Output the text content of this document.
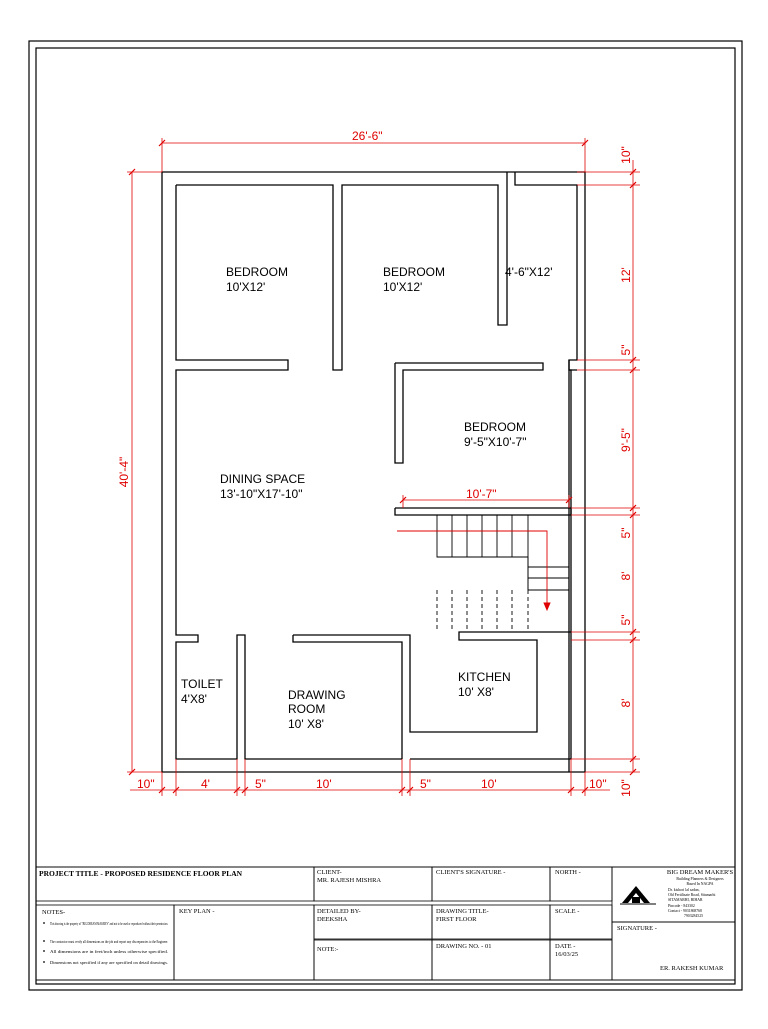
BEDROOM
10'X12'
BEDROOM
10'X12'
4'-6"X12'
BEDROOM
9'-5"X10'-7"
DINING SPACE
13'-10"X17'-10"
TOILET
4'X8'	DRAWING
ROOM
10' X8'
KITCHEN
10' X8'
26'-6"
40'-4"
10'-7"
10"	4'	5"	10'	5"	10'	10"
10"
12'
5"
9'-5"
5"
8'
5"
8'
10"
PROJECT TITLE - PROPOSED RESIDENCE FLOOR PLAN	CLIENT-
MR. RAJESH MISHRA
CLIENT'S SIGNATURE -	NORTH -	BIG DREAM MAKER'S
Building Planners & Designers
Based In NAGPA
Dr. kishori lal sadan,
Old Fertilisate Road, Sitamarhi
SITAMARHI, BIHAR
Pincode - 843302
Contact - 9031868768
7903284525
NOTES-
This drawing is the property of "BIG DREAM MAKER'S" and not to be used or reproduced without their permission.
The contractor must verify all dimensions on the job and report any discrepancies to the Engineer.
All dimensions are in feet/inch unless otherwise specified.
Dimensions not specified if any are specified on detail drawings.
KEY PLAN -	DETAILED BY-
DEEKSHA
DRAWING TITLE-
FIRST FLOOR
SCALE -
SIGNATURE -
NOTE:-	DRAWING NO. - 01	DATE -
16/03/25
ER. RAKESH KUMAR
